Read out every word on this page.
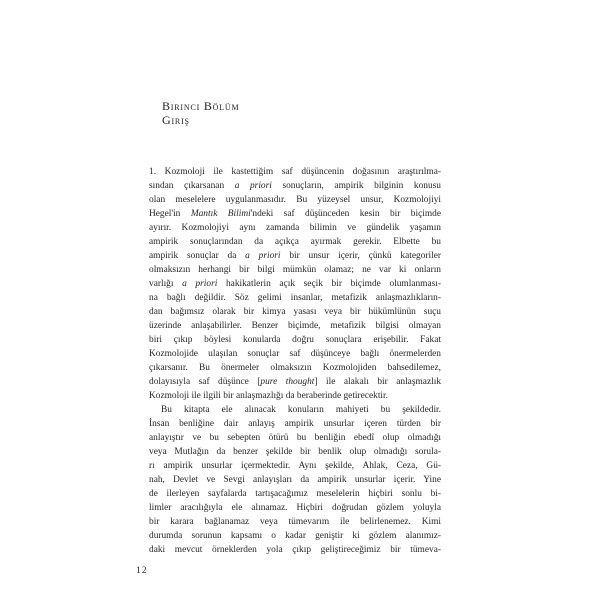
Birinci Bölüm
Giriş

1. Kozmoloji ile kastettiğim saf düşüncenin doğasının araştırılma-
sından çıkarsanan a priori sonuçların, ampirik bilginin konusu
olan meselelere uygulanmasıdır. Bu yüzeysel unsur, Kozmolojiyi
Hegel'in Mantık Bilimi'ndeki saf düşünceden kesin bir biçimde
ayırır. Kozmolojiyi aynı zamanda bilimin ve gündelik yaşamın
ampirik sonuçlarından da açıkça ayırmak gerekir. Elbette bu
ampirik sonuçlar da a priori bir unsur içerir, çünkü kategoriler
olmaksızın herhangi bir bilgi mümkün olamaz; ne var ki onların
varlığı a priori hakikatlerin açık seçik bir biçimde olumlanması-
na bağlı değildir. Söz gelimi insanlar, metafizik anlaşmazlıkların-
dan bağımsız olarak bir kimya yasası veya bir hükümlünün suçu
üzerinde anlaşabilirler. Benzer biçimde, metafizik bilgisi olmayan
biri çıkıp böylesi konularda doğru sonuçlara erişebilir. Fakat
Kozmolojide ulaşılan sonuçlar saf düşünceye bağlı önermelerden
çıkarsanır. Bu önermeler olmaksızın Kozmolojiden bahsedilemez,
dolayısıyla saf düşünce [pure thought] ile alakalı bir anlaşmazlık
Kozmoloji ile ilgili bir anlaşmazlığı da beraberinde getirecektir.

Bu kitapta ele alınacak konuların mahiyeti bu şekildedir.
İnsan benliğine dair anlayış ampirik unsurlar içeren türden bir
anlayıştır ve bu sebepten ötürü bu benliğin ebedî olup olmadığı
veya Mutlağın da benzer şekilde bir benlik olup olmadığı sorula-
rı ampirik unsurlar içermektedir. Aynı şekilde, Ahlak, Ceza, Gü-
nah, Devlet ve Sevgi anlayışları da ampirik unsurlar içerir. Yine
de ilerleyen sayfalarda tartışacağımız meselelerin hiçbiri sonlu bi-
limler aracılığıyla ele alınamaz. Hiçbiri doğrudan gözlem yoluyla
bir karara bağlanamaz veya tümevarım ile belirlenemez. Kimi
durumda sorunun kapsamı o kadar geniştir ki gözlem alanımız-
daki mevcut örneklerden yola çıkıp geliştireceğimiz bir tümeva-

12
